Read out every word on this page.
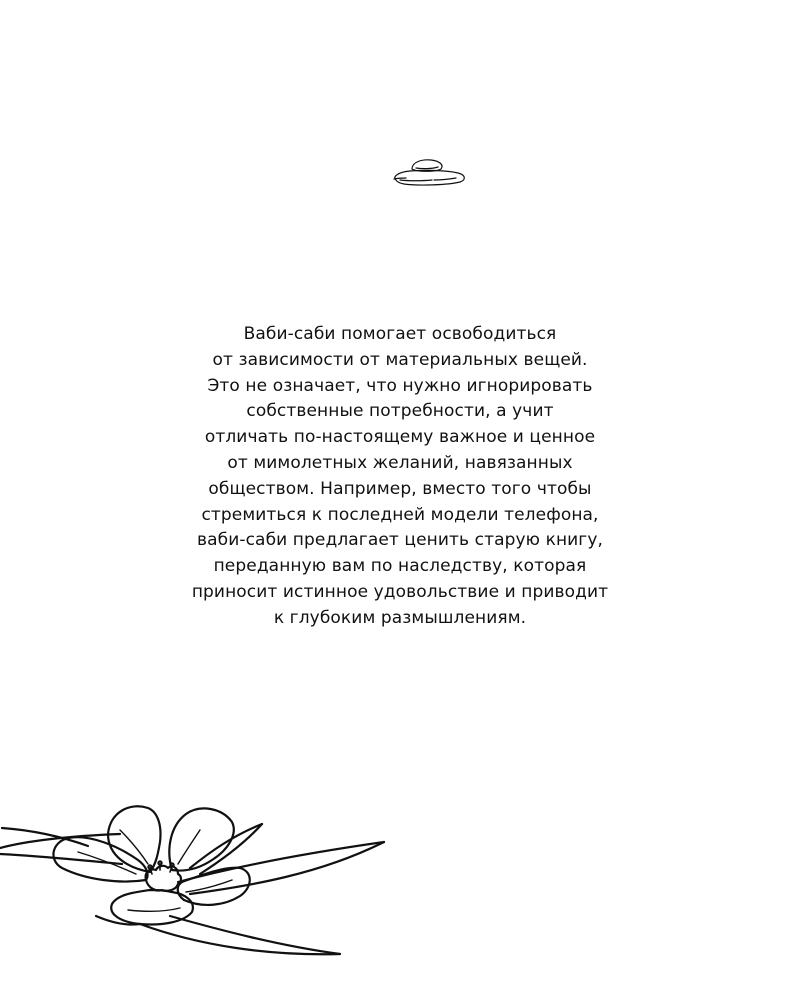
Ваби-саби помогает освободиться
от зависимости от материальных вещей.
Это не означает, что нужно игнорировать
собственные потребности, а учит
отличать по-настоящему важное и ценное
от мимолетных желаний, навязанных
обществом. Например, вместо того чтобы
стремиться к последней модели телефона,
ваби-саби предлагает ценить старую книгу,
переданную вам по наследству, которая
приносит истинное удовольствие и приводит
к глубоким размышлениям.
